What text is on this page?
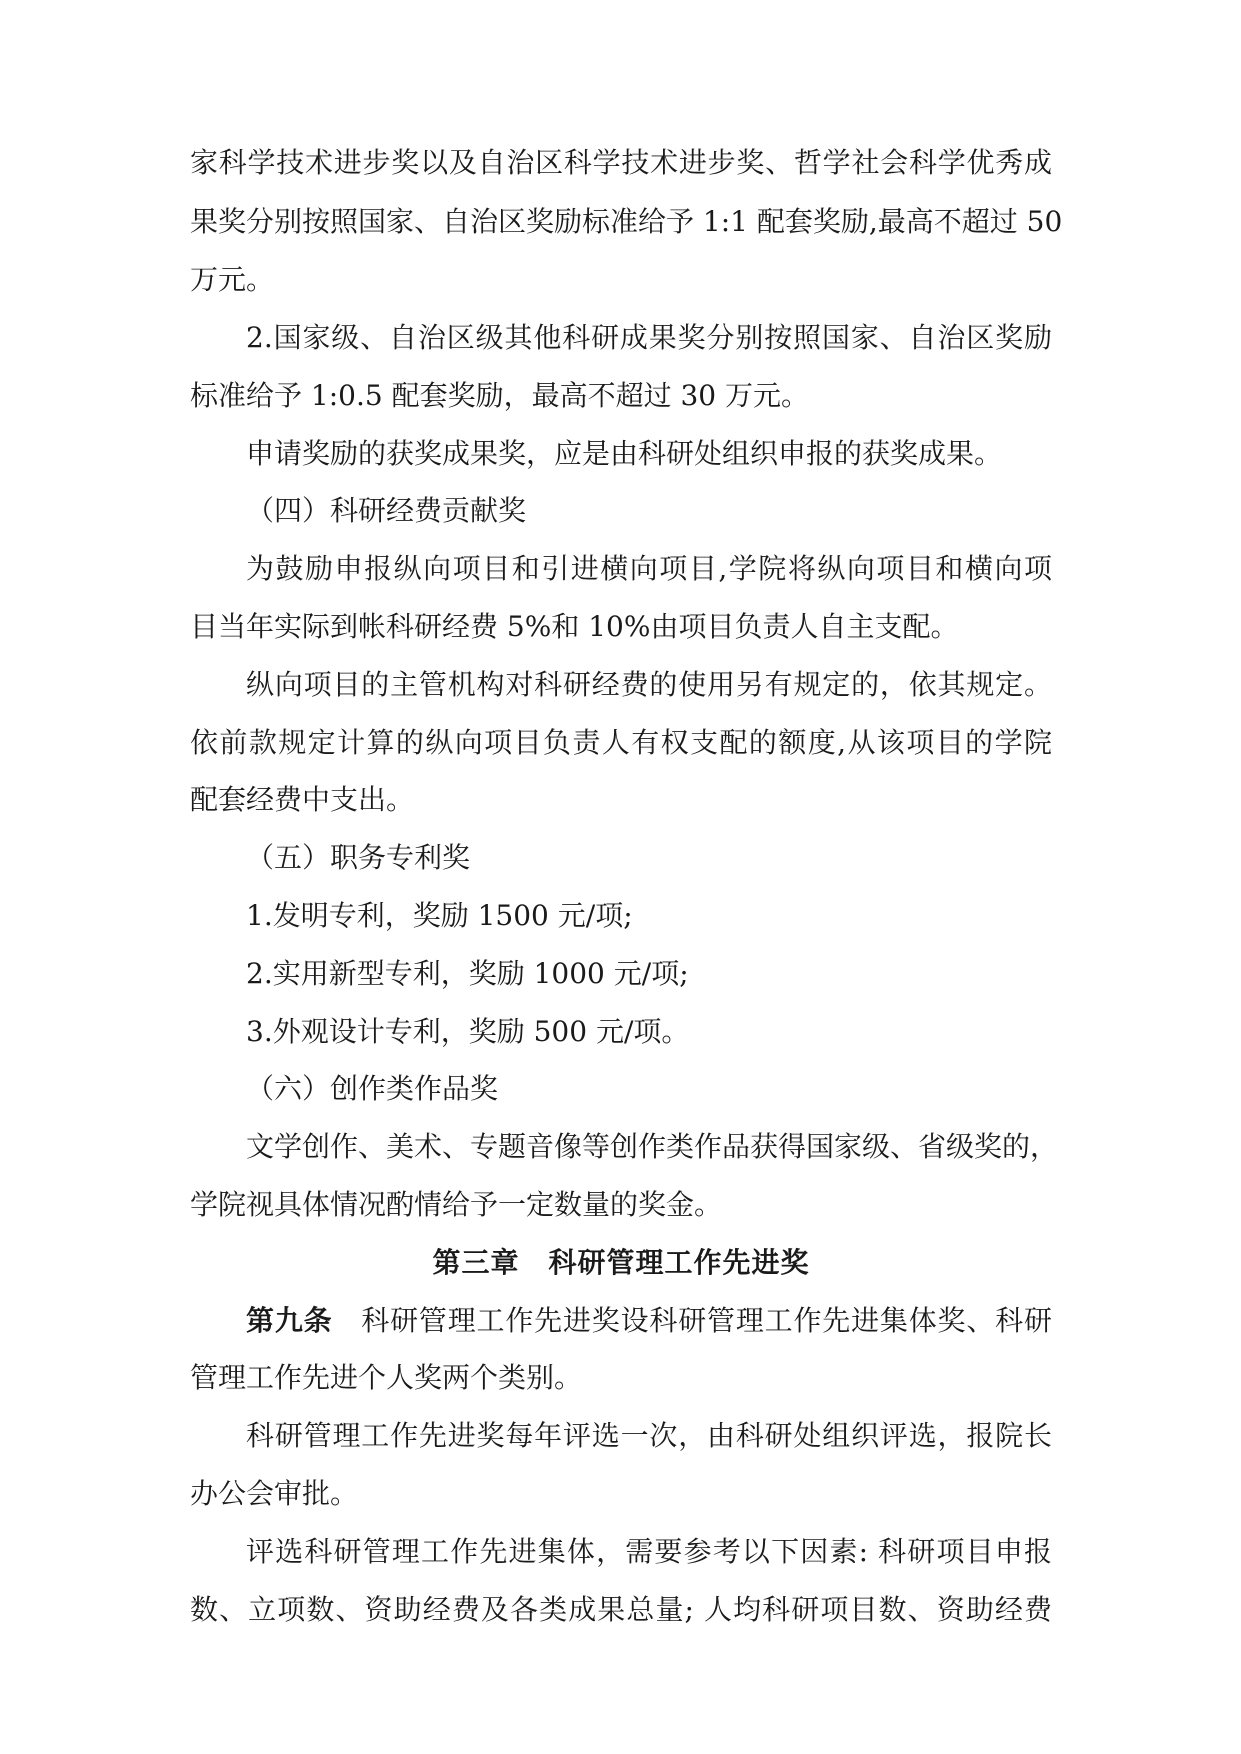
家科学技术进步奖以及自治区科学技术进步奖、哲学社会科学优秀成
果奖分别按照国家、自治区奖励标准给予 1:1 配套奖励,最高不超过 50
万元。
2.国家级、自治区级其他科研成果奖分别按照国家、自治区奖励
标准给予 1:0.5 配套奖励，最高不超过 30 万元。
申请奖励的获奖成果奖，应是由科研处组织申报的获奖成果。
（四）科研经费贡献奖
为鼓励申报纵向项目和引进横向项目,学院将纵向项目和横向项
目当年实际到帐科研经费 5%和 10%由项目负责人自主支配。
纵向项目的主管机构对科研经费的使用另有规定的，依其规定。
依前款规定计算的纵向项目负责人有权支配的额度,从该项目的学院
配套经费中支出。
（五）职务专利奖
1.发明专利，奖励 1500 元/项;
2.实用新型专利，奖励 1000 元/项;
3.外观设计专利，奖励 500 元/项。
（六）创作类作品奖
文学创作、美术、专题音像等创作类作品获得国家级、省级奖的，
学院视具体情况酌情给予一定数量的奖金。
第三章　科研管理工作先进奖
第九条　科研管理工作先进奖设科研管理工作先进集体奖、科研
管理工作先进个人奖两个类别。
科研管理工作先进奖每年评选一次，由科研处组织评选，报院长
办公会审批。
评选科研管理工作先进集体，需要参考以下因素: 科研项目申报
数、立项数、资助经费及各类成果总量; 人均科研项目数、资助经费
